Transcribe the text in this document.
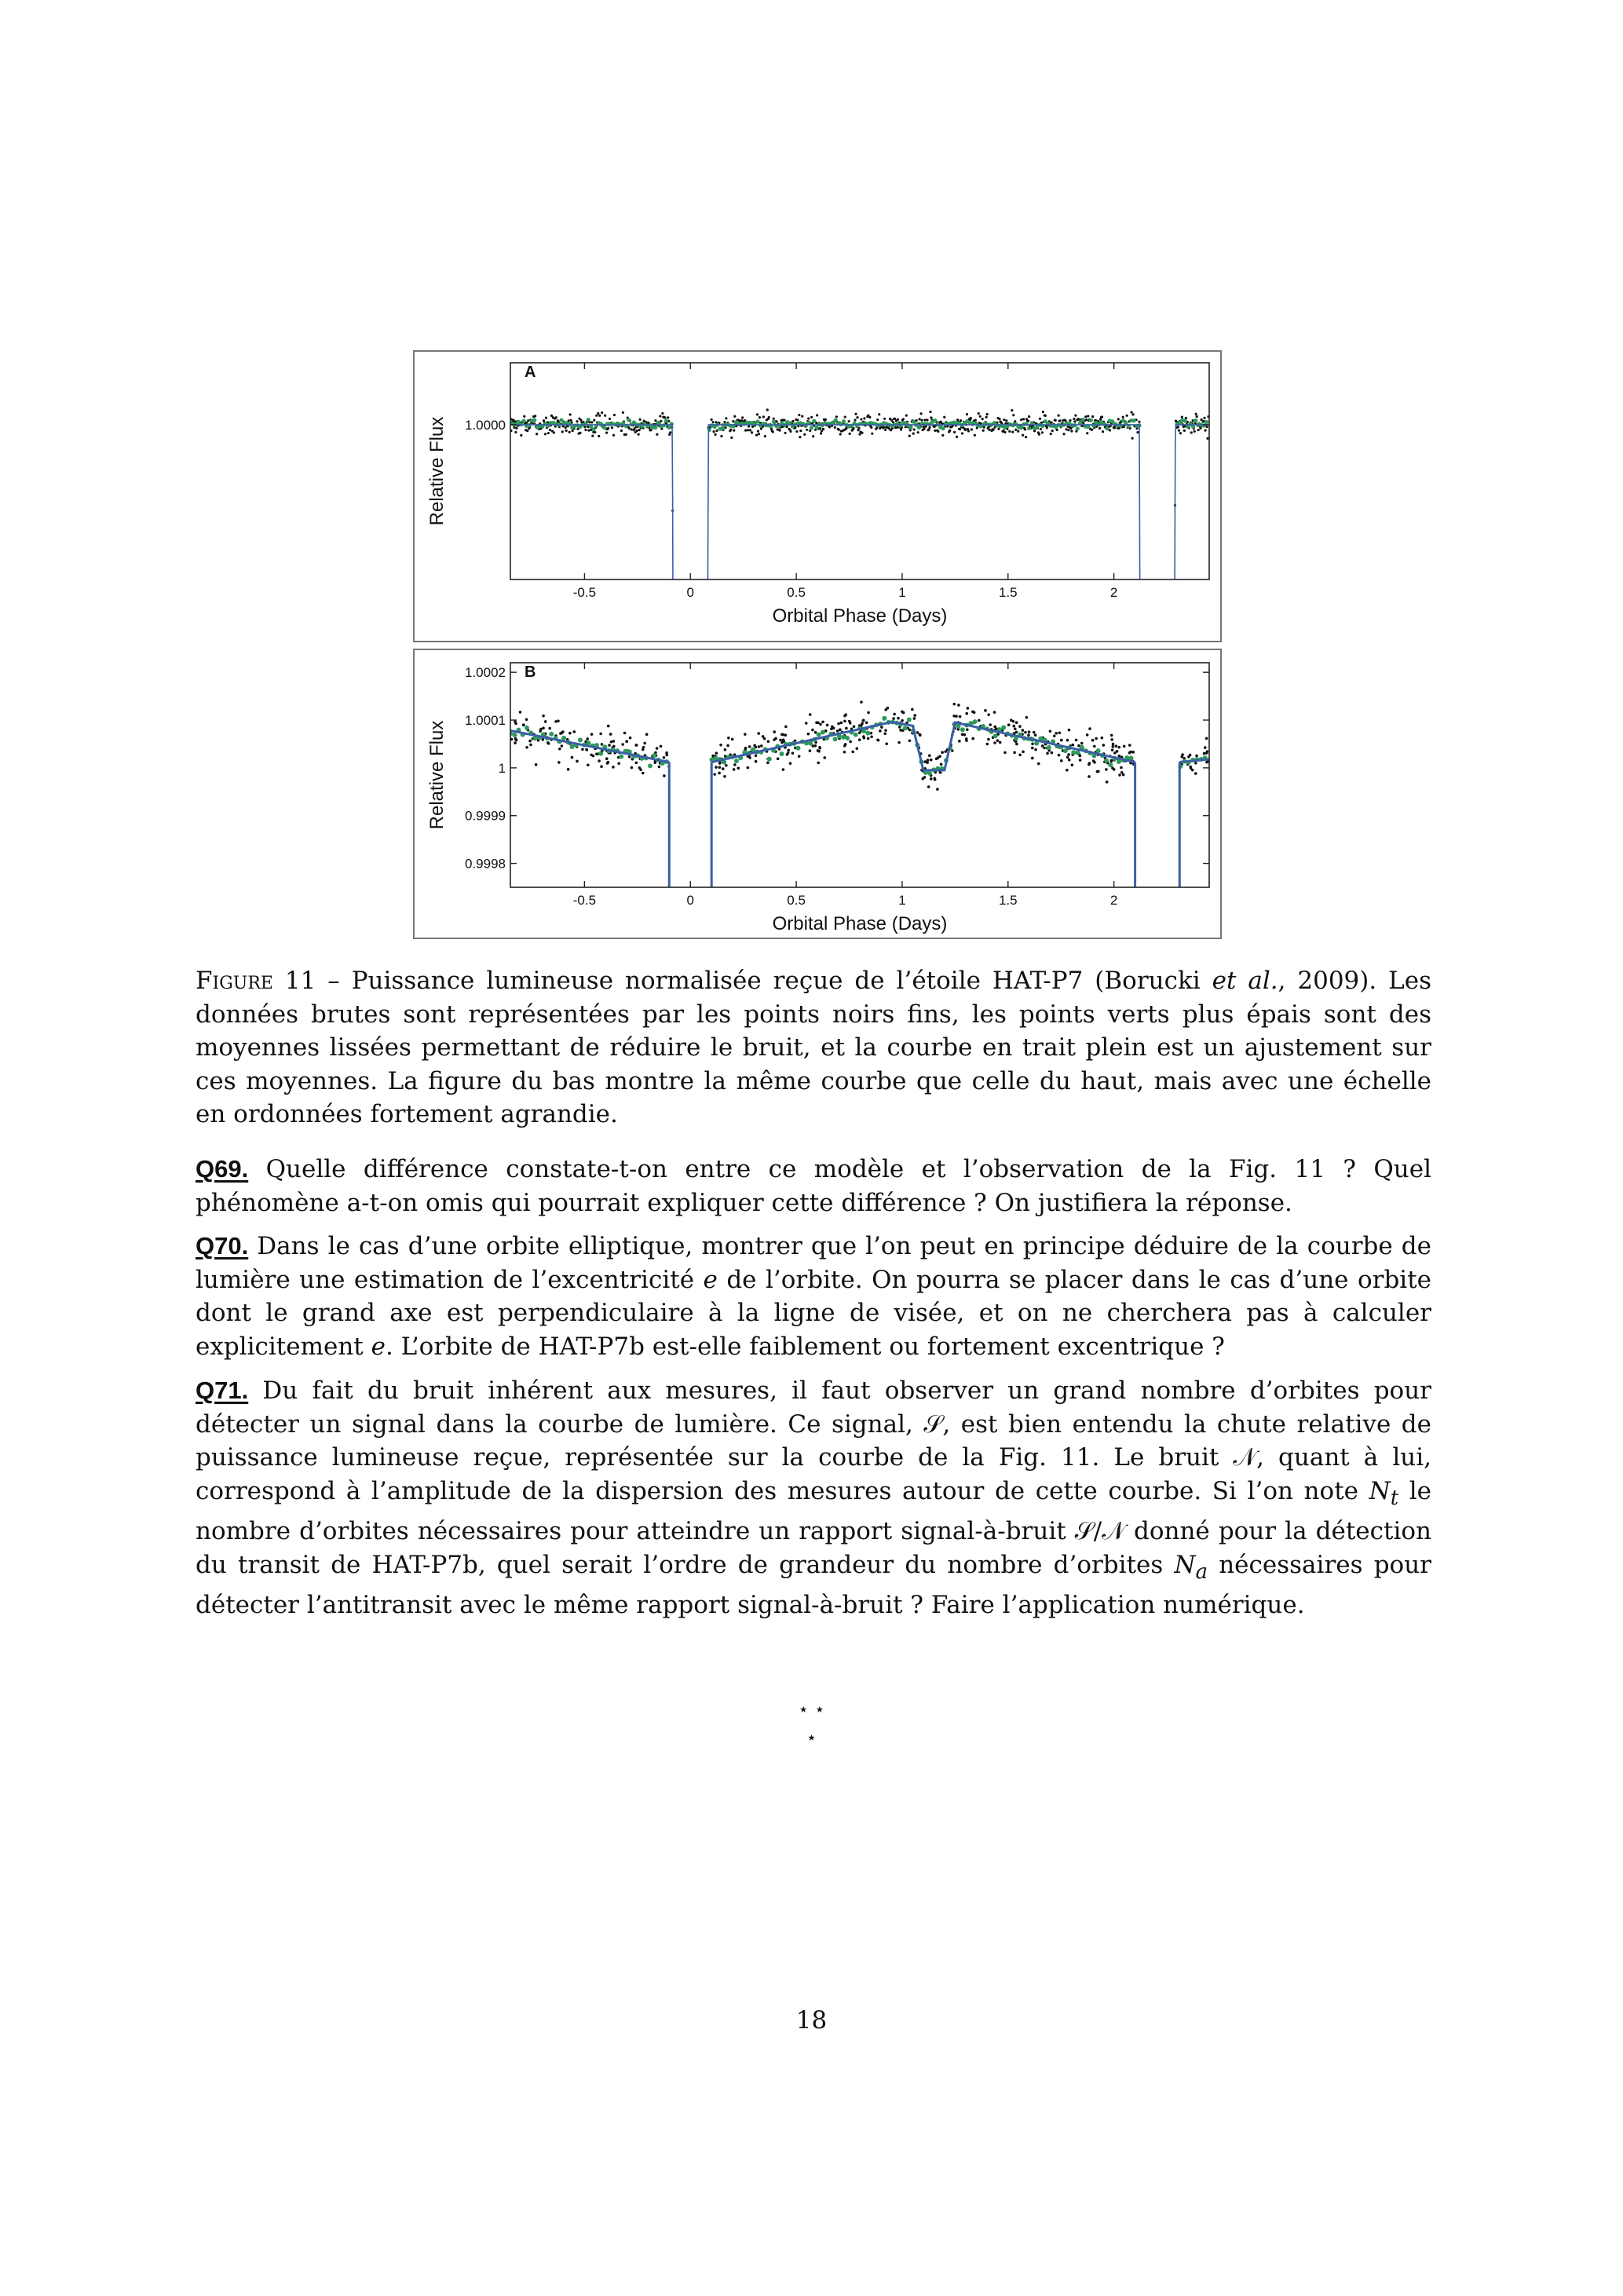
1.0000
-0.5	0	0.5	1	1.5	2
Orbital Phase (Days)
Relative Flux
A
1.0002
1.0001
1
0.9999
0.9998
-0.5	0	0.5	1	1.5	2
Orbital Phase (Days)
Relative Flux
B
Figure 11 – Puissance lumineuse normalisée reçue de l’étoile HAT-P7 (Borucki et al., 2009). Les données brutes sont représentées par les points noirs fins, les points verts plus épais sont des moyennes lissées permettant de réduire le bruit, et la courbe en trait plein est un ajustement sur ces moyennes. La figure du bas montre la même courbe que celle du haut, mais avec une échelle en ordonnées fortement agrandie.
Q69. Quelle différence constate-t-on entre ce modèle et l’observation de la Fig. 11 ? Quel phénomène a-t-on omis qui pourrait expliquer cette différence ? On justifiera la réponse.
Q70. Dans le cas d’une orbite elliptique, montrer que l’on peut en principe déduire de la courbe de lumière une estimation de l’excentricité e de l’orbite. On pourra se placer dans le cas d’une orbite dont le grand axe est perpendiculaire à la ligne de visée, et on ne cherchera pas à calculer explicitement e. L’orbite de HAT-P7b est-elle faiblement ou fortement excentrique ?
Q71. Du fait du bruit inhérent aux mesures, il faut observer un grand nombre d’orbites pour détecter un signal dans la courbe de lumière. Ce signal, 𝒮, est bien entendu la chute relative de puissance lumineuse reçue, représentée sur la courbe de la Fig. 11. Le bruit 𝒩, quant à lui, correspond à l’amplitude de la dispersion des mesures autour de cette courbe. Si l’on note $N_t$ le nombre d’orbites nécessaires pour atteindre un rapport signal-à-bruit 𝒮/𝒩 donné pour la détection du transit de HAT-P7b, quel serait l’ordre de grandeur du nombre d’orbites $N_a$ nécessaires pour détecter l’antitransit avec le même rapport signal-à-bruit ? Faire l’application numérique.
⋆ ⋆
⋆
18
